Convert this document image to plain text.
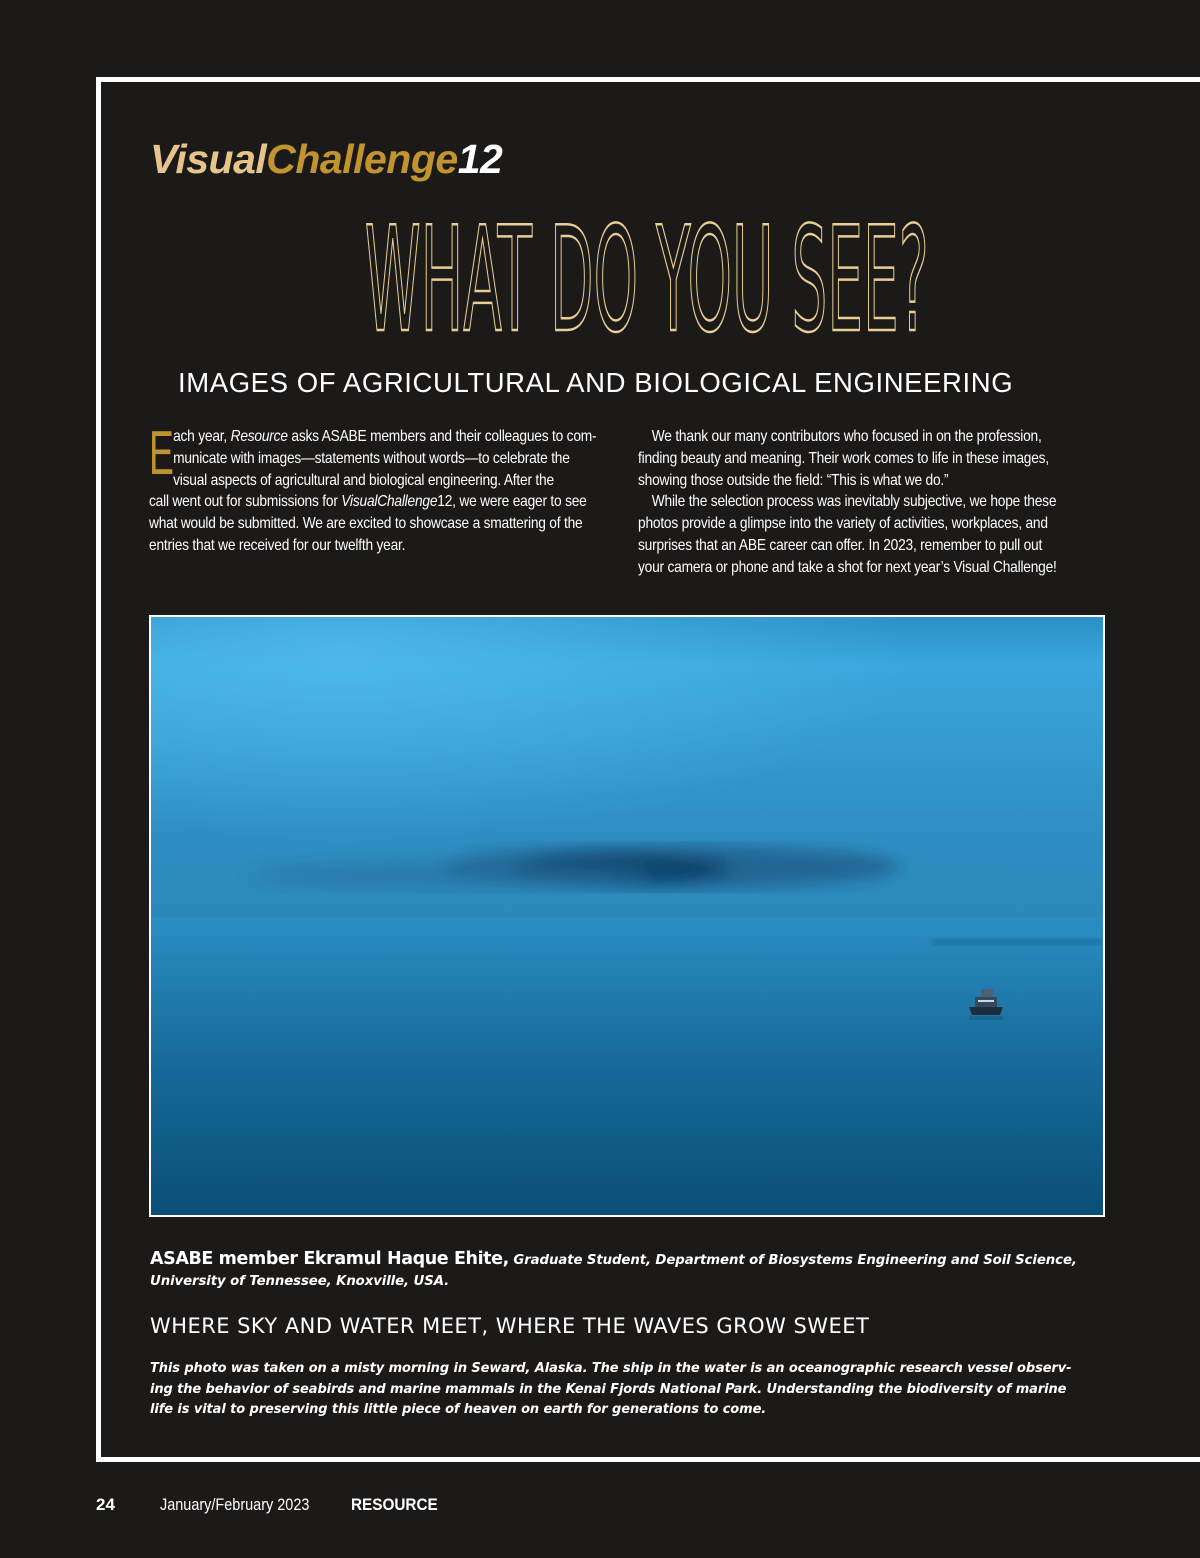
VisualChallenge12
WHAT DO YOU SEE?
IMAGES OF AGRICULTURAL AND BIOLOGICAL ENGINEERING
E ach year, Resource asks ASABE members and their colleagues to com-
municate with images—statements without words—to celebrate the
visual aspects of agricultural and biological engineering. After the
call went out for submissions for VisualChallenge12, we were eager to see
what would be submitted. We are excited to showcase a smattering of the
entries that we received for our twelfth year.
We thank our many contributors who focused in on the profession,
finding beauty and meaning. Their work comes to life in these images,
showing those outside the field: “This is what we do.”
While the selection process was inevitably subjective, we hope these
photos provide a glimpse into the variety of activities, workplaces, and
surprises that an ABE career can offer. In 2023, remember to pull out
your camera or phone and take a shot for next year’s Visual Challenge!
ASABE member Ekramul Haque Ehite, Graduate Student, Department of Biosystems Engineering and Soil Science,
University of Tennessee, Knoxville, USA.
WHERE SKY AND WATER MEET, WHERE THE WAVES GROW SWEET
This photo was taken on a misty morning in Seward, Alaska. The ship in the water is an oceanographic research vessel observ-
ing the behavior of seabirds and marine mammals in the Kenai Fjords National Park. Understanding the biodiversity of marine
life is vital to preserving this little piece of heaven on earth for generations to come.
24	January/February 2023 RESOURCE
